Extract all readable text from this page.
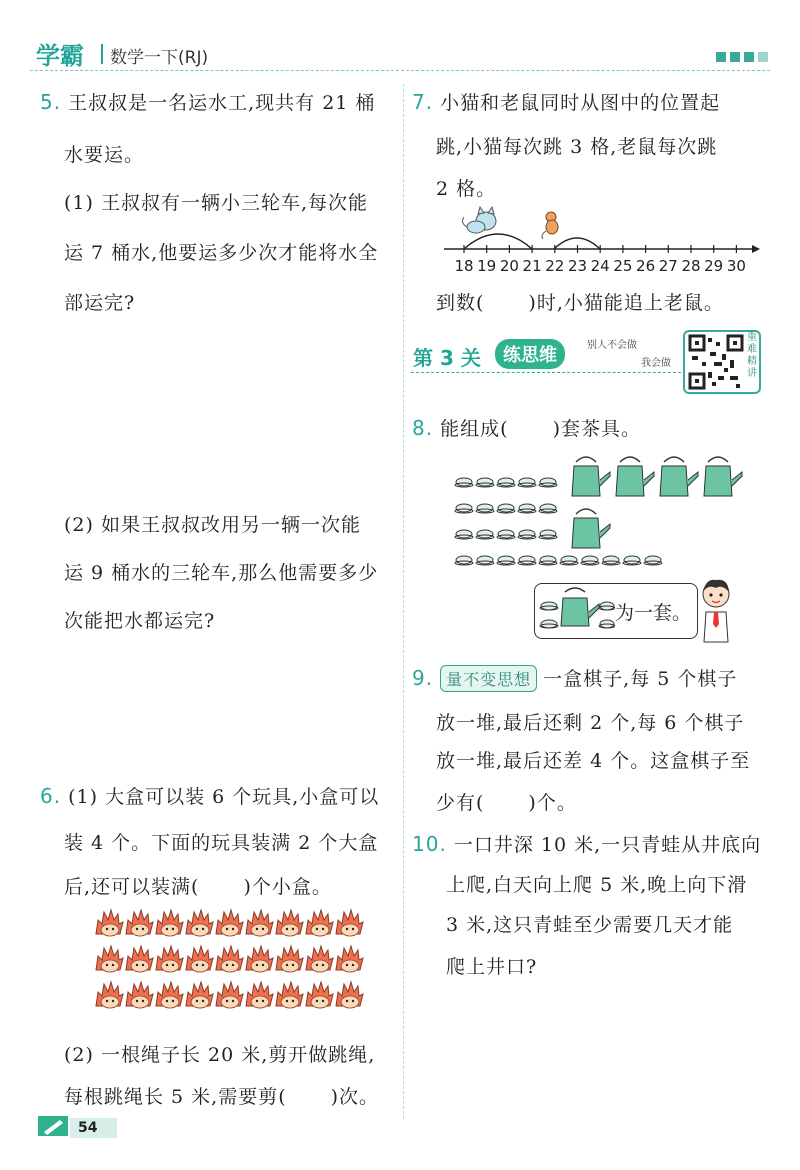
学霸 数学一下(RJ)
5. 王叔叔是一名运水工,现共有 21 桶
水要运。
(1) 王叔叔有一辆小三轮车,每次能
运 7 桶水,他要运多少次才能将水全
部运完?
(2) 如果王叔叔改用另一辆一次能
运 9 桶水的三轮车,那么他需要多少
次能把水都运完?
6. (1) 大盒可以装 6 个玩具,小盒可以
装 4 个。下面的玩具装满 2 个大盒
后,还可以装满( )个小盒。
(2) 一根绳子长 20 米,剪开做跳绳,
每根跳绳长 5 米,需要剪( )次。
7. 小猫和老鼠同时从图中的位置起
跳,小猫每次跳 3 格,老鼠每次跳
2 格。
18 19 20 21 22 23 24 25 26 27 28 29 30
到数( )时,小猫能追上老鼠。
第 3 关	练思维	别人不会做
我会做
重难精讲
8. 能组成( )套茶具。
为一套。
9. 量不变思想 一盒棋子,每 5 个棋子
放一堆,最后还剩 2 个,每 6 个棋子
放一堆,最后还差 4 个。这盒棋子至
少有( )个。
10. 一口井深 10 米,一只青蛙从井底向
上爬,白天向上爬 5 米,晚上向下滑
3 米,这只青蛙至少需要几天才能
爬上井口?
54
